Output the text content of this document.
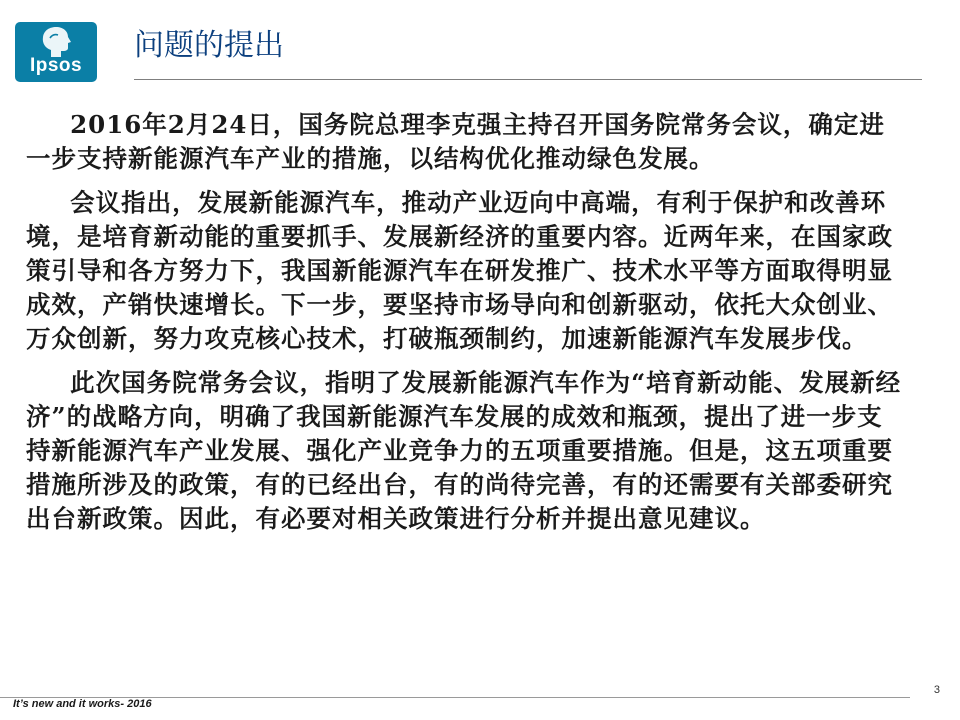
Ipsos
问题的提出

2016年2月24日，国务院总理李克强主持召开国务院常务会议，确定进一步支持新能源汽车产业的措施，以结构优化推动绿色发展。

会议指出，发展新能源汽车，推动产业迈向中高端，有利于保护和改善环境，是培育新动能的重要抓手、发展新经济的重要内容。近两年来，在国家政策引导和各方努力下，我国新能源汽车在研发推广、技术水平等方面取得明显成效，产销快速增长。下一步，要坚持市场导向和创新驱动，依托大众创业、万众创新，努力攻克核心技术，打破瓶颈制约，加速新能源汽车发展步伐。

此次国务院常务会议，指明了发展新能源汽车作为“培育新动能、发展新经济”的战略方向，明确了我国新能源汽车发展的成效和瓶颈，提出了进一步支持新能源汽车产业发展、强化产业竞争力的五项重要措施。但是，这五项重要措施所涉及的政策，有的已经出台，有的尚待完善，有的还需要有关部委研究出台新政策。因此，有必要对相关政策进行分析并提出意见建议。

3
It’s new and it works- 2016
